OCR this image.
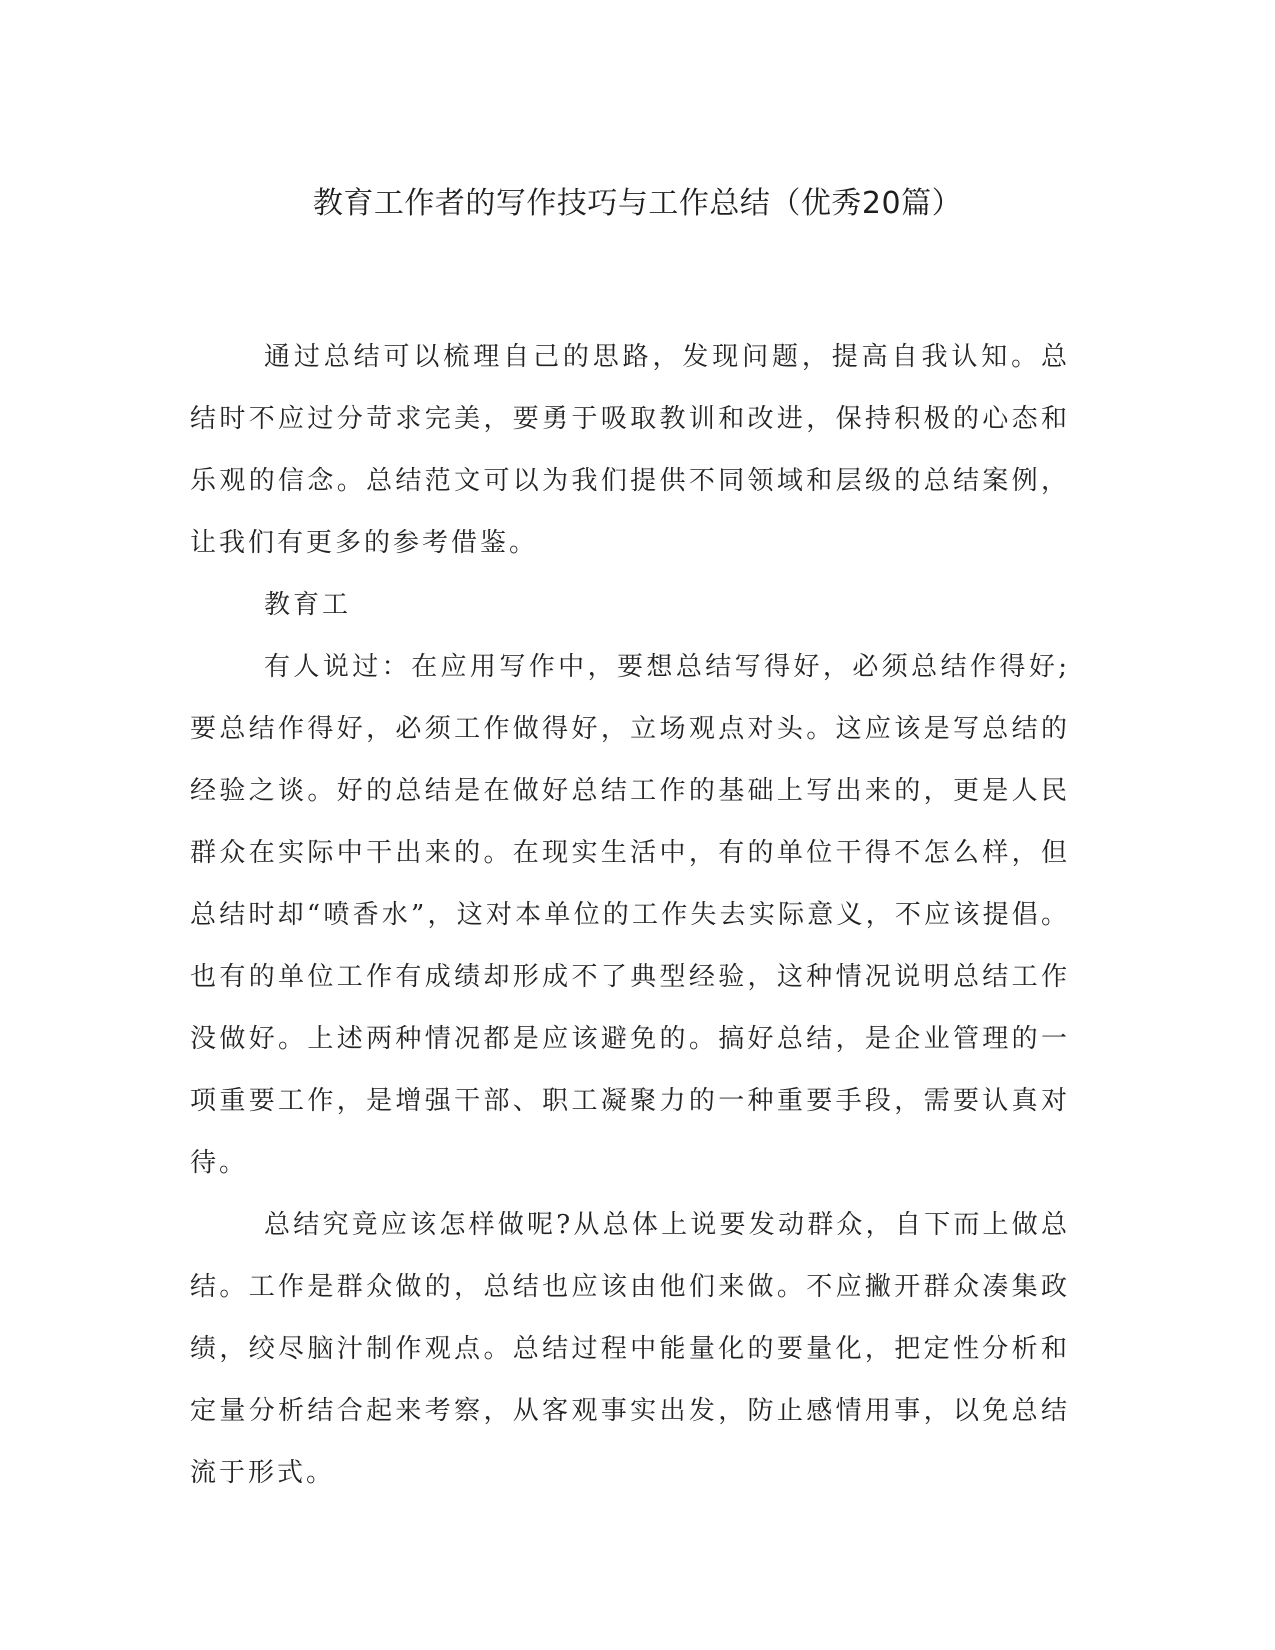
教育工作者的写作技巧与工作总结（优秀20篇）

通过总结可以梳理自己的思路，发现问题，提高自我认知。总结时不应过分苛求完美，要勇于吸取教训和改进，保持积极的心态和乐观的信念。总结范文可以为我们提供不同领域和层级的总结案例，让我们有更多的参考借鉴。

教育工

有人说过：在应用写作中，要想总结写得好，必须总结作得好;要总结作得好，必须工作做得好，立场观点对头。这应该是写总结的经验之谈。好的总结是在做好总结工作的基础上写出来的，更是人民群众在实际中干出来的。在现实生活中，有的单位干得不怎么样，但总结时却“喷香水”，这对本单位的工作失去实际意义，不应该提倡。也有的单位工作有成绩却形成不了典型经验，这种情况说明总结工作没做好。上述两种情况都是应该避免的。搞好总结，是企业管理的一项重要工作，是增强干部、职工凝聚力的一种重要手段，需要认真对待。

总结究竟应该怎样做呢?从总体上说要发动群众，自下而上做总结。工作是群众做的，总结也应该由他们来做。不应撇开群众凑集政绩，绞尽脑汁制作观点。总结过程中能量化的要量化，把定性分析和定量分析结合起来考察，从客观事实出发，防止感情用事，以免总结流于形式。
